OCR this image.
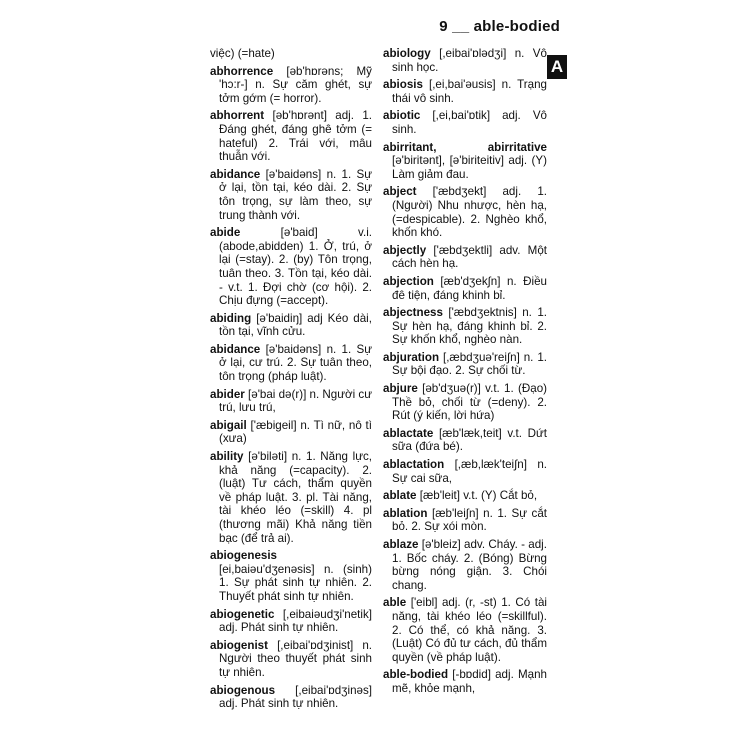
9 __ able-bodied
A
việc) (=hate)
abhorrence [əb'hɒrəns; Mỹ 'hɔ:r-] n. Sự căm ghét, sự tởm gớm (= horror).
abhorrent [əb'hɒrənt] adj. 1. Đáng ghét, đáng ghê tởm (= hateful) 2. Trái với, mâu thuẫn với.
abidance [ə'baidəns] n. 1. Sự ở lại, tồn tại, kéo dài. 2. Sự tôn trọng, sự làm theo, sự trung thành với.
abide	[ə'baid] v.i. (abode,abidden) 1. Ở, trú, ở lại (=stay). 2. (by) Tôn trọng, tuân theo. 3. Tồn tại, kéo dài. - v.t. 1. Đợi chờ (cơ hội). 2. Chịu đựng (=accept).
abiding [ə'baidiŋ] adj Kéo dài, tồn tại, vĩnh cửu.
abidance [ə'baidəns] n. 1. Sự ở lại, cư trú. 2. Sự tuân theo, tôn trọng (pháp luật).
abider [ə'bai də(r)] n. Người cư trú, lưu trú,
abigail ['æbigeil] n. Tì nữ, nô tì (xưa)
ability [ə'biləti] n. 1. Năng lực, khả năng (=capacity). 2. (luật) Tư cách, thẩm quyền về pháp luật. 3. pl. Tài năng, tài khéo léo (=skill) 4. pl (thương mãi) Khả năng tiền bạc (để trả ai).
abiogenesis [ei,baiəu'dʒenəsis] n. (sinh) 1. Sự phát sinh tự nhiên. 2. Thuyết phát sinh tự nhiên.
abiogenetic [,eibaiəudʒi'netik] adj. Phát sinh tự nhiên.
abiogenist [,eibai'ɒdʒinist] n. Người theo thuyết phát sinh tự nhiên.
abiogenous [,eibai'ɒdʒinəs] adj. Phát sinh tự nhiên.
abiology [,eibai'ɒlədʒi] n. Vô sinh học.
abiosis [,ei,bai'əusis] n. Trạng thái vô sinh.
abiotic [,ei,bai'ɒtik] adj. Vô sinh.
abirritant, abirritative [ə'biritənt], [ə'biriteitiv] adj. (Y) Làm giảm đau.
abject ['æbdʒekt] adj. 1. (Người) Nhu nhược, hèn hạ, (=despicable). 2. Nghèo khổ, khốn khó.
abjectly ['æbdʒektli] adv. Một cách hèn hạ.
abjection [æb'dʒek∫n] n. Điều đê tiện, đáng khinh bỉ.
abjectness ['æbdʒektnis] n. 1. Sự hèn hạ, đáng khinh bỉ. 2. Sự khốn khổ, nghèo nàn.
abjuration [,æbdʒuə'rei∫n] n. 1. Sự bội đạo. 2. Sự chối từ.
abjure [əb'dʒuə(r)] v.t. 1. (Đạo) Thề bỏ, chối từ (=deny). 2. Rút (ý kiến, lời hứa)
ablactate [æb'læk,teit] v.t. Dứt sữa (đứa bé).
ablactation [,æb,læk'tei∫n] n. Sự cai sữa,
ablate [æb'leit] v.t. (Y) Cắt bỏ,
ablation [æb'lei∫n] n. 1. Sự cắt bỏ. 2. Sự xói mòn.
ablaze [ə'bleiz] adv. Cháy. - adj. 1. Bốc cháy. 2. (Bóng) Bừng bừng nóng giận. 3. Chói chang.
able ['eibl] adj. (r, -st) 1. Có tài năng, tài khéo léo (=skillful). 2. Có thể, có khả năng. 3. (Luật) Có đủ tư cách, đủ thẩm quyền (về pháp luật).
able-bodied [-bɒdid] adj. Mạnh mẽ, khỏe mạnh,
